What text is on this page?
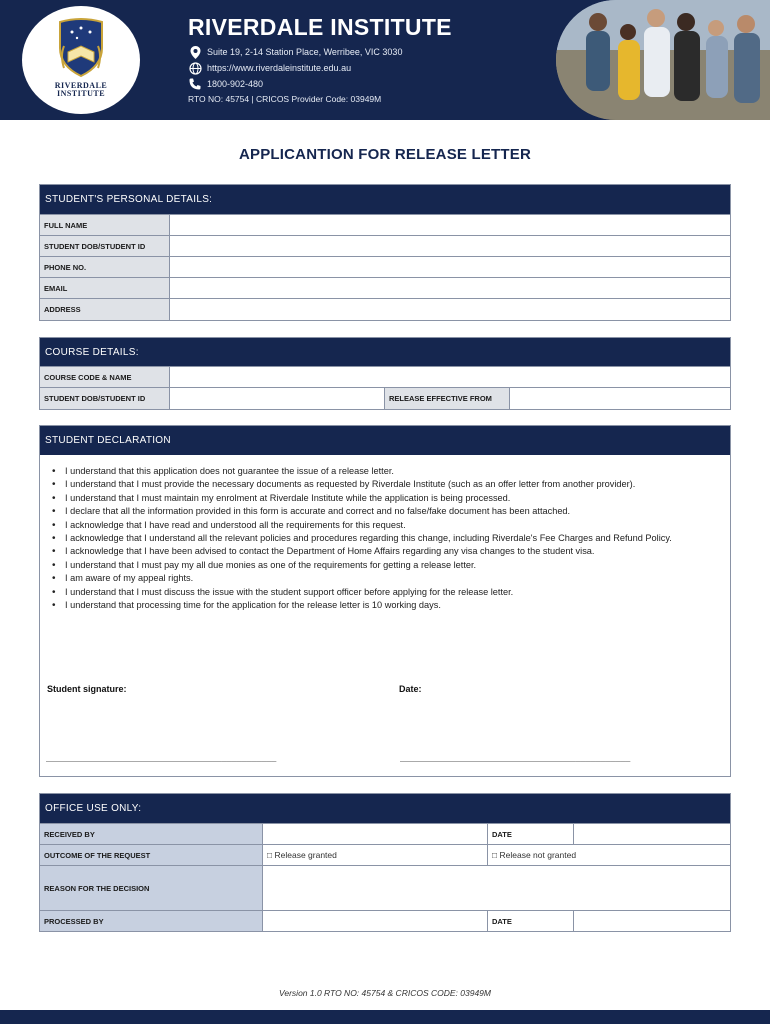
RIVERDALE
INSTITUTE
RIVERDALE INSTITUTE
Suite 19, 2-14 Station Place, Werribee, VIC 3030
https://www.riverdaleinstitute.edu.au
1800-902-480
RTO NO: 45754 | CRICOS Provider Code: 03949M
APPLICANTION FOR RELEASE LETTER
STUDENT'S PERSONAL DETAILS:
FULL NAME
STUDENT DOB/STUDENT ID
PHONE NO.
EMAIL
ADDRESS
COURSE DETAILS:
COURSE CODE & NAME
STUDENT DOB/STUDENT ID	RELEASE EFFECTIVE FROM
STUDENT DECLARATION
• I understand that this application does not guarantee the issue of a release letter.
• I understand that I must provide the necessary documents as requested by Riverdale Institute (such as an offer letter from another provider).
• I understand that I must maintain my enrolment at Riverdale Institute while the application is being processed.
• I declare that all the information provided in this form is accurate and correct and no false/fake document has been attached.
• I acknowledge that I have read and understood all the requirements for this request.
• I acknowledge that I understand all the relevant policies and procedures regarding this change, including Riverdale's Fee Charges and Refund Policy.
• I acknowledge that I have been advised to contact the Department of Home Affairs regarding any visa changes to the student visa.
• I understand that I must pay my all due monies as one of the requirements for getting a release letter.
• I am aware of my appeal rights.
• I understand that I must discuss the issue with the student support officer before applying for the release letter.
• I understand that processing time for the application for the release letter is 10 working days.
Student signature:	Date:
______________________________________________	______________________________________________
OFFICE USE ONLY:
RECEIVED BY	DATE
OUTCOME OF THE REQUEST	□ Release granted	□ Release not granted
REASON FOR THE DECISION
PROCESSED BY	DATE
Version 1.0 RTO NO: 45754 & CRICOS CODE: 03949M
